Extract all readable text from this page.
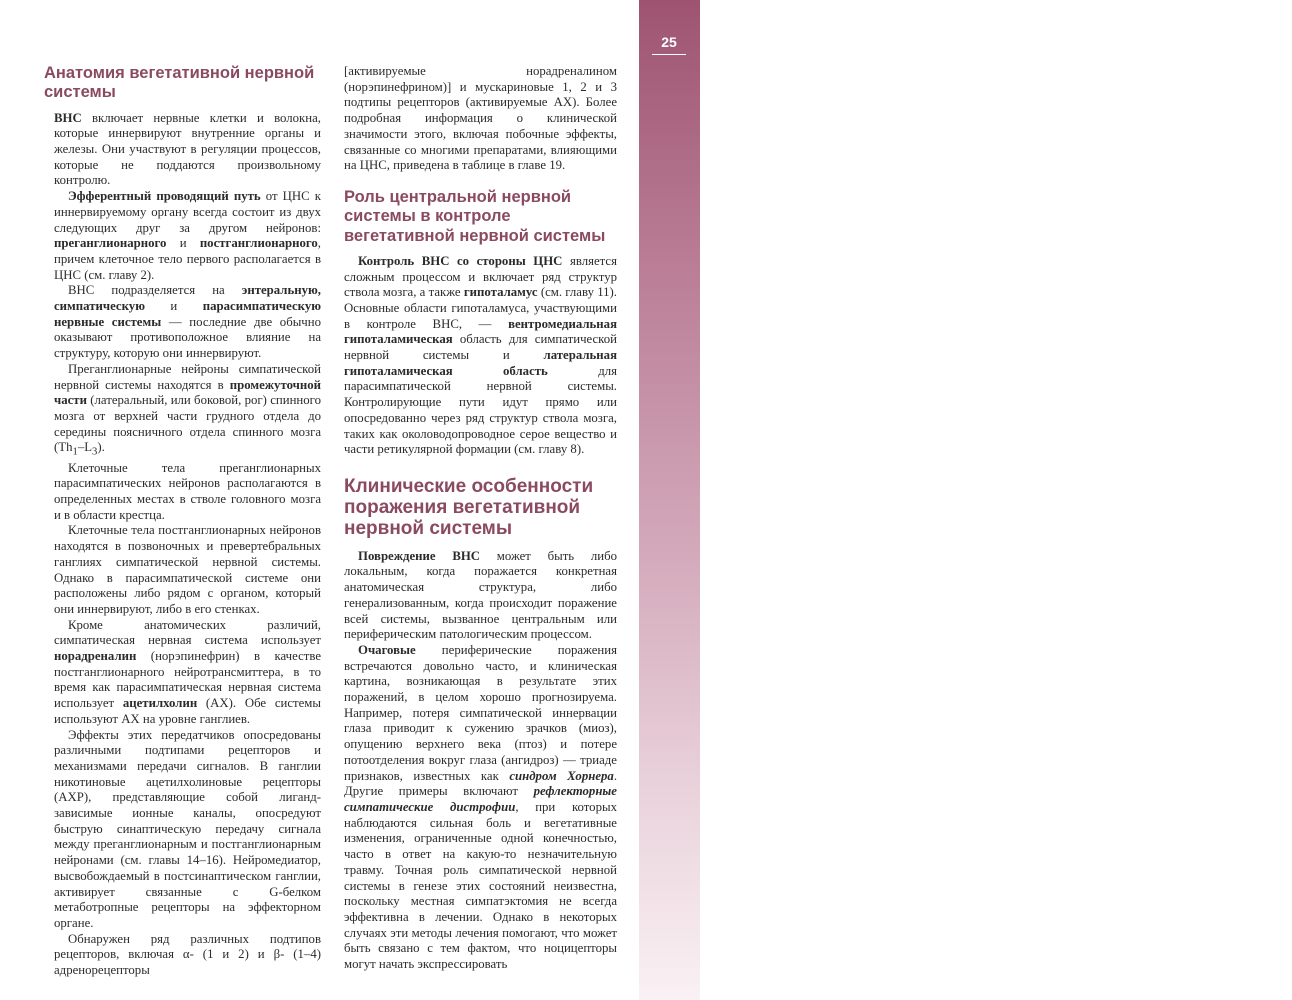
25
Глава 3. Вегетативная нервная система
Анатомия вегетативной нервной системы

ВНС включает нервные клетки и волокна, которые иннервируют внутренние органы и железы. Они участвуют в регуляции процессов, которые не поддаются произвольному контролю.

Эфферентный проводящий путь от ЦНС к иннервируемому органу всегда состоит из двух следующих друг за другом нейронов: преганглионарного и постганглионарного, причем клеточное тело первого располагается в ЦНС (см. главу 2).

ВНС подразделяется на энтеральную, симпатическую и парасимпатическую нервные системы — последние две обычно оказывают противоположное влияние на структуру, которую они иннервируют.

Преганглионарные нейроны симпатической нервной системы находятся в промежуточной части (латеральный, или боковой, рог) спинного мозга от верхней части грудного отдела до середины поясничного отдела спинного мозга $(Th_1-L_3)$.

Клеточные тела преганглионарных парасимпатических нейронов располагаются в определенных местах в стволе головного мозга и в области крестца.

Клеточные тела постганглионарных нейронов находятся в позвоночных и превертебральных ганглиях симпатической нервной системы. Однако в парасимпатической системе они расположены либо рядом с органом, который они иннервируют, либо в его стенках.

Кроме анатомических различий, симпатическая нервная система использует норадреналин (норэпинефрин) в качестве постганглионарного нейротрансмиттера, в то время как парасимпатическая нервная система использует ацетилхолин (АХ). Обе системы используют АХ на уровне ганглиев.

Эффекты этих передатчиков опосредованы различными подтипами рецепторов и механизмами передачи сигналов. В ганглии никотиновые ацетилхолиновые рецепторы (АХР), представляющие собой лиганд-зависимые ионные каналы, опосредуют быструю синаптическую передачу сигнала между преганглионарным и постганглионарным нейронами (см. главы 14–16). Нейромедиатор, высвобождаемый в постсинаптическом ганглии, активирует связанные с G-белком метаботропные рецепторы на эффекторном органе.

Обнаружен ряд различных подтипов рецепторов, включая α- (1 и 2) и β- (1–4) адренорецепторы

[активируемые норадреналином (норэпинефрином)] и мускариновые 1, 2 и 3 подтипы рецепторов (активируемые АХ). Более подробная информация о клинической значимости этого, включая побочные эффекты, связанные со многими препаратами, влияющими на ЦНС, приведена в таблице в главе 19.

Роль центральной нервной системы в контроле вегетативной нервной системы

Контроль ВНС со стороны ЦНС является сложным процессом и включает ряд структур ствола мозга, а также гипоталамус (см. главу 11). Основные области гипоталамуса, участвующими в контроле ВНС, — вентромедиальная гипоталамическая область для симпатической нервной системы и латеральная гипоталамическая область для парасимпатической нервной системы. Контролирующие пути идут прямо или опосредованно через ряд структур ствола мозга, таких как околоводопроводное серое вещество и части ретикулярной формации (см. главу 8).

Клинические особенности поражения вегетативной нервной системы

Повреждение ВНС может быть либо локальным, когда поражается конкретная анатомическая структура, либо генерализованным, когда происходит поражение всей системы, вызванное центральным или периферическим патологическим процессом.

Очаговые периферические поражения встречаются довольно часто, и клиническая картина, возникающая в результате этих поражений, в целом хорошо прогнозируема. Например, потеря симпатической иннервации глаза приводит к сужению зрачков (миоз), опущению верхнего века (птоз) и потере потоотделения вокруг глаза (ангидроз) — триаде признаков, известных как синдром Хорнера. Другие примеры включают рефлекторные симпатические дистрофии, при которых наблюдаются сильная боль и вегетативные изменения, ограниченные одной конечностью, часто в ответ на какую-то незначительную травму. Точная роль симпатической нервной системы в генезе этих состояний неизвестна, поскольку местная симпатэктомия не всегда эффективна в лечении. Однако в некоторых случаях эти методы лечения помогают, что может быть связано с тем фактом, что ноцицепторы могут начать экспрессировать
